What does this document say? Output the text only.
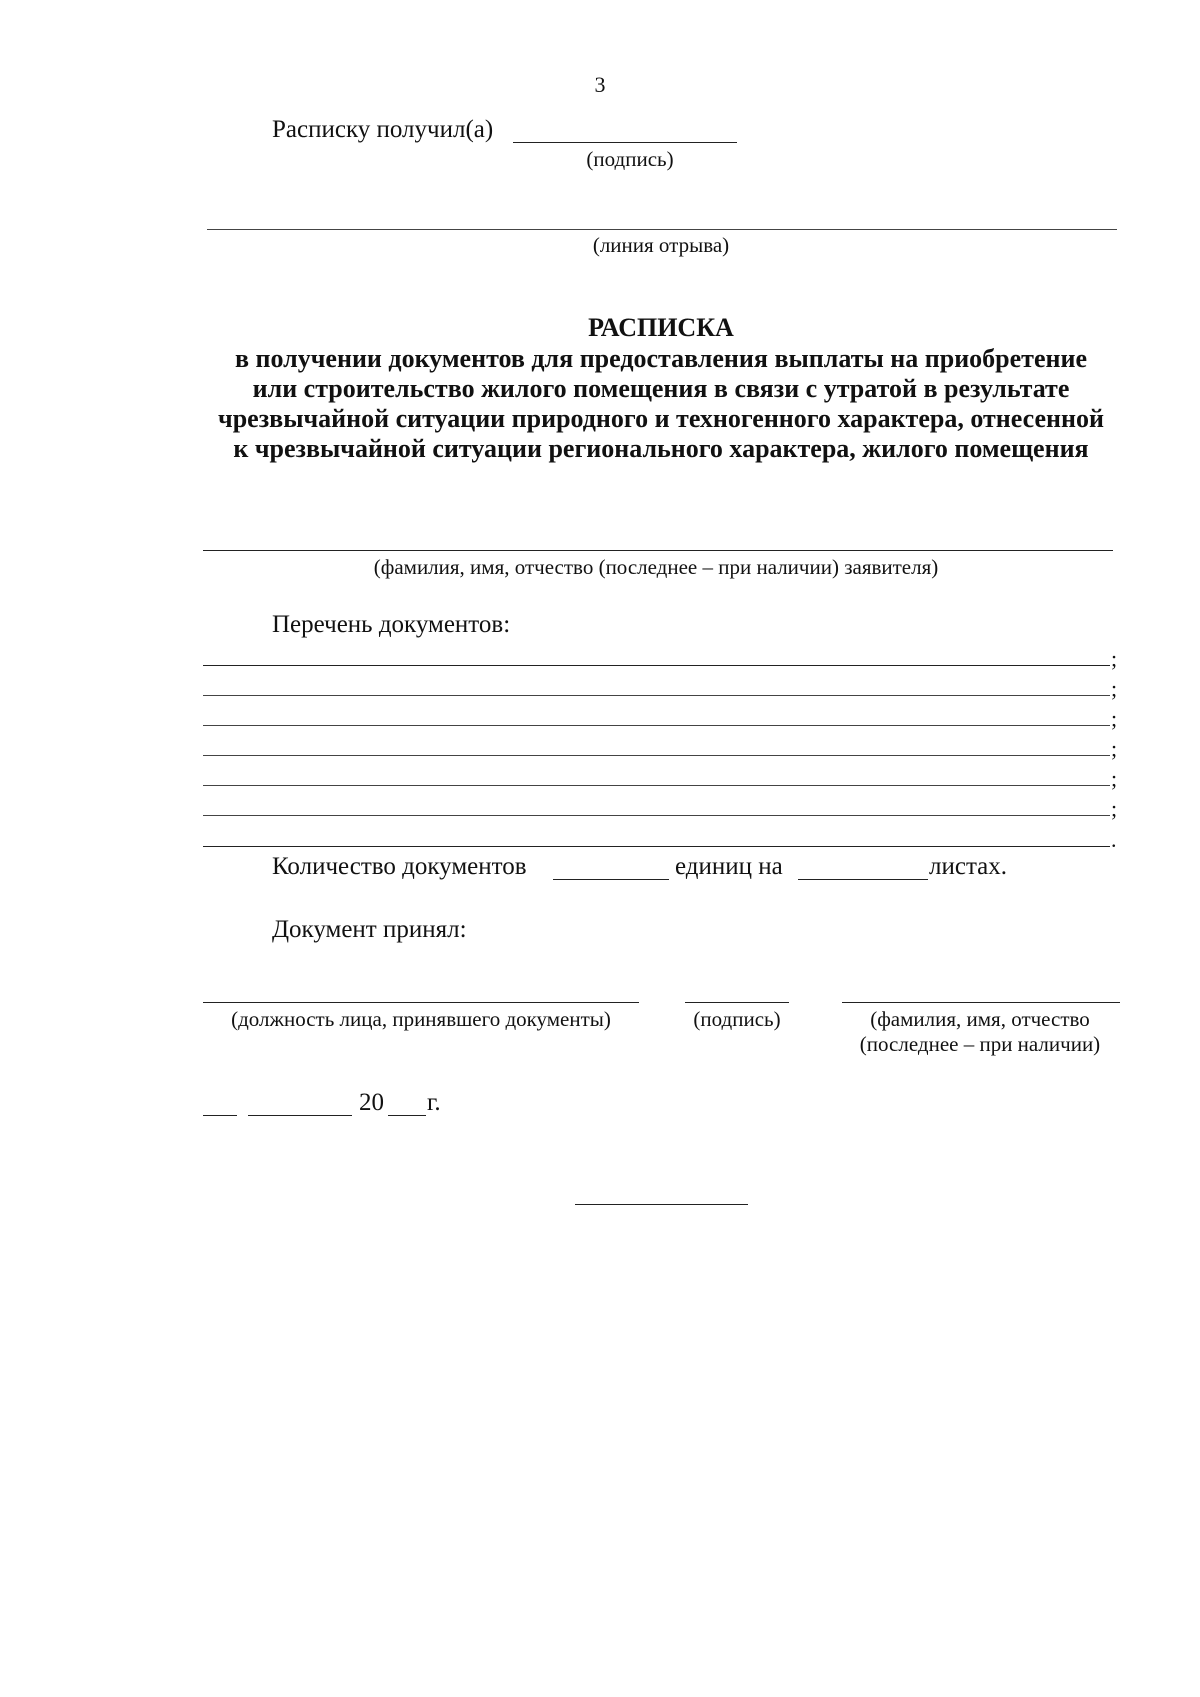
3
Расписку получил(а)
(подпись)
(линия отрыва)
РАСПИСКА
в получении документов для предоставления выплаты на приобретение
или строительство жилого помещения в связи с утратой в результате
чрезвычайной ситуации природного и техногенного характера, отнесенной
к чрезвычайной ситуации регионального характера, жилого помещения
(фамилия, имя, отчество (последнее – при наличии) заявителя)
Перечень документов:
;
;
;
;
;
;
.
Количество документов	единиц на	листах.
Документ принял:
(должность лица, принявшего документы)	(подпись)	(фамилия, имя, отчество
(последнее – при наличии)
20 г.
